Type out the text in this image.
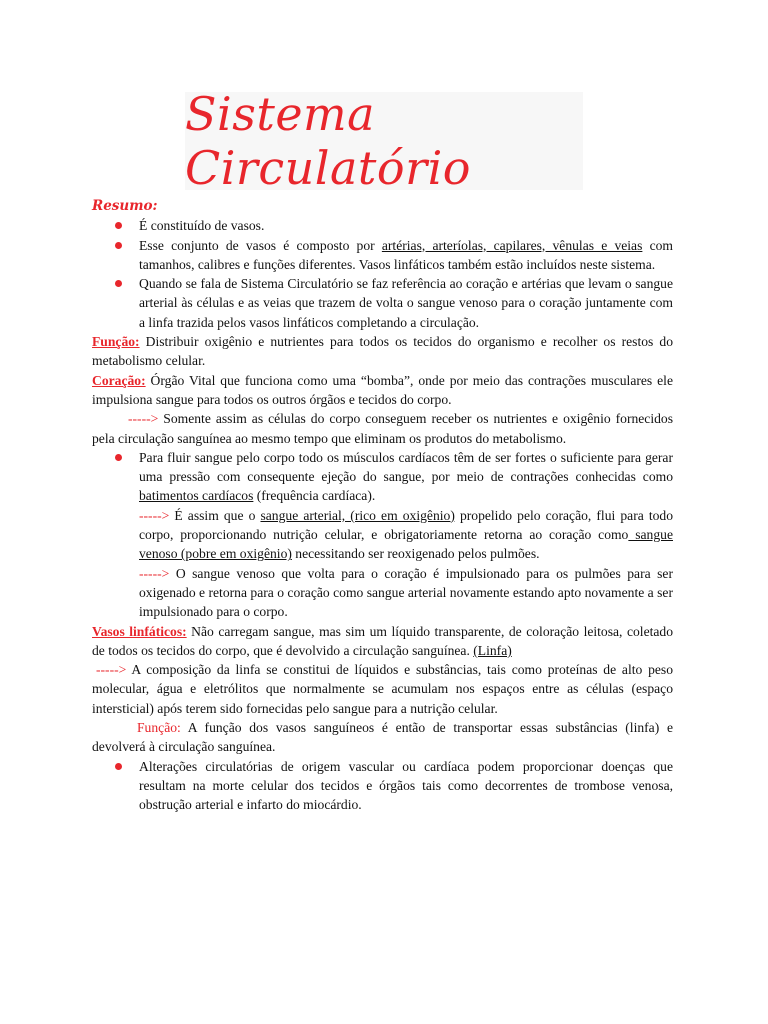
Sistema Circulatório

Resumo:

É constituído de vasos.
Esse conjunto de vasos é composto por artérias, arteríolas, capilares, vênulas e veias com tamanhos, calibres e funções diferentes. Vasos linfáticos também estão incluídos neste sistema.
Quando se fala de Sistema Circulatório se faz referência ao coração e artérias que levam o sangue arterial às células e as veias que trazem de volta o sangue venoso para o coração juntamente com a linfa trazida pelos vasos linfáticos completando a circulação.

Função: Distribuir oxigênio e nutrientes para todos os tecidos do organismo e recolher os restos do metabolismo celular.

Coração: Órgão Vital que funciona como uma “bomba”, onde por meio das contrações musculares ele impulsiona sangue para todos os outros órgãos e tecidos do corpo.

-----> Somente assim as células do corpo conseguem receber os nutrientes e oxigênio fornecidos pela circulação sanguínea ao mesmo tempo que eliminam os produtos do metabolismo.

Para fluir sangue pelo corpo todo os músculos cardíacos têm de ser fortes o suficiente para gerar uma pressão com consequente ejeção do sangue, por meio de contrações conhecidas como batimentos cardíacos (frequência cardíaca).

-----> É assim que o sangue arterial, (rico em oxigênio) propelido pelo coração, flui para todo corpo, proporcionando nutrição celular, e obrigatoriamente retorna ao coração como sangue venoso (pobre em oxigênio) necessitando ser reoxigenado pelos pulmões.

-----> O sangue venoso que volta para o coração é impulsionado para os pulmões para ser oxigenado e retorna para o coração como sangue arterial novamente estando apto novamente a ser impulsionado para o corpo.

Vasos linfáticos: Não carregam sangue, mas sim um líquido transparente, de coloração leitosa, coletado de todos os tecidos do corpo, que é devolvido a circulação sanguínea. (Linfa)

-----> A composição da linfa se constitui de líquidos e substâncias, tais como proteínas de alto peso molecular, água e eletrólitos que normalmente se acumulam nos espaços entre as células (espaço intersticial) após terem sido fornecidas pelo sangue para a nutrição celular.

Função: A função dos vasos sanguíneos é então de transportar essas substâncias (linfa) e devolverá à circulação sanguínea.

Alterações circulatórias de origem vascular ou cardíaca podem proporcionar doenças que resultam na morte celular dos tecidos e órgãos tais como decorrentes de trombose venosa, obstrução arterial e infarto do miocárdio.
